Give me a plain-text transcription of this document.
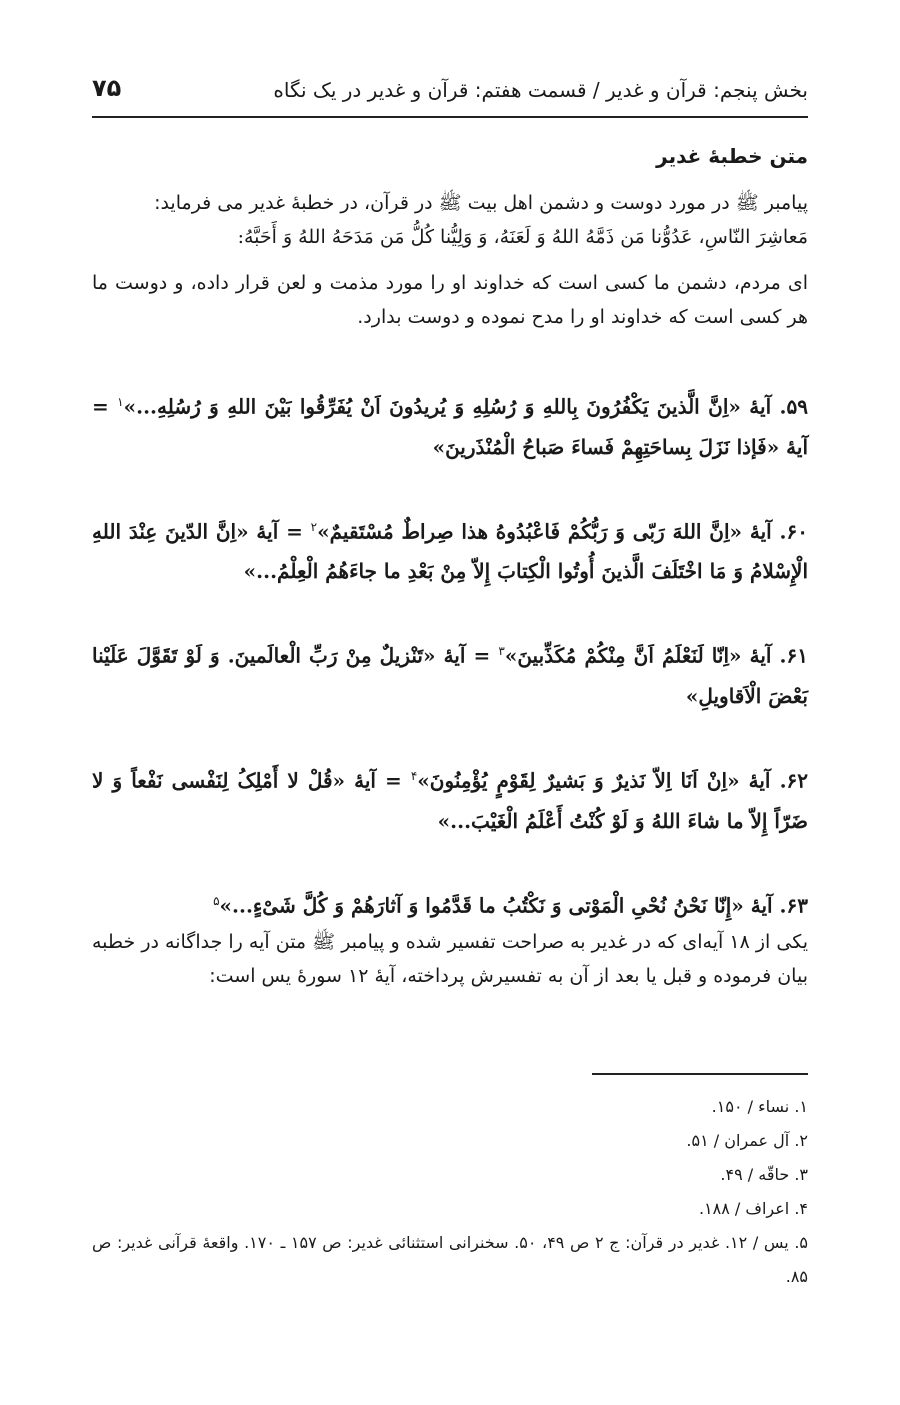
بخش پنجم: قرآن و غدیر / قسمت هفتم: قرآن و غدیر در یک نگاه
۷۵
متن خطبۀ غدیر

پیامبر ﷺ در مورد دوست و دشمن اهل بیت ﷺ در قرآن، در خطبۀ غدیر می فرماید:

مَعاشِرَ النّاسِ، عَدُوُّنا مَن ذَمَّهُ اللهُ وَ لَعَنَهُ، وَ وَلِیُّنا کُلُّ مَن مَدَحَهُ اللهُ وَ أَحَبَّهُ:

ای مردم، دشمن ما کسی است که خداوند او را مورد مذمت و لعن قرار داده، و دوست ما هر کسی است که خداوند او را مدح نموده و دوست بدارد.

۵۹. آیۀ «اِنَّ الَّذینَ یَکْفُرُونَ بِاللهِ وَ رُسُلِهِ وَ یُریدُونَ اَنْ یُفَرِّقُوا بَیْنَ اللهِ وَ رُسُلِهِ...»$^۱$ = آیۀ «فَإذا نَزَلَ بِساحَتِهِمْ فَساءَ صَباحُ الْمُنْذَرینَ»

۶۰. آیۀ «اِنَّ اللهَ رَبّی وَ رَبُّکُمْ فَاعْبُدُوهُ هذا صِراطٌ مُسْتَقیمٌ»$^۲$ = آیۀ «اِنَّ الدّینَ عِنْدَ اللهِ الْإِسْلامُ وَ مَا اخْتَلَفَ الَّذینَ أُوتُوا الْکِتابَ إِلاّ مِنْ بَعْدِ ما جاءَهُمُ الْعِلْمُ...»

۶۱. آیۀ «اِنّا لَنَعْلَمُ اَنَّ مِنْکُمْ مُکَذِّبینَ»$^۳$ = آیۀ «تَنْزیلٌ مِنْ رَبِّ الْعالَمینَ. وَ لَوْ تَقَوَّلَ عَلَیْنا بَعْضَ الْاَقاویلِ»

۶۲. آیۀ «اِنْ اَنَا اِلاّ نَذیرٌ وَ بَشیرٌ لِقَوْمٍ یُؤْمِنُونَ»$^۴$ = آیۀ «قُلْ لا أَمْلِکُ لِنَفْسی نَفْعاً وَ لا ضَرّاً إِلاّ ما شاءَ اللهُ وَ لَوْ کُنْتُ أَعْلَمُ الْغَیْبَ...»

۶۳. آیۀ «إِنّا نَحْنُ نُحْیِ الْمَوْتی وَ نَکْتُبُ ما قَدَّمُوا وَ آثارَهُمْ وَ کُلَّ شَیْءٍ...»$^۵$

یکی از ۱۸ آیه‌ای که در غدیر به صراحت تفسیر شده و پیامبر ﷺ متن آیه را جداگانه در خطبه بیان فرموده و قبل یا بعد از آن به تفسیرش پرداخته، آیۀ ۱۲ سورۀ یس است:

۱. نساء / ۱۵۰.

۲. آل عمران / ۵۱.

۳. حاقّه / ۴۹.

۴. اعراف / ۱۸۸.

۵. یس / ۱۲. غدیر در قرآن: ج ۲ ص ۴۹، ۵۰. سخنرانی استثنائی غدیر: ص ۱۵۷ ـ ۱۷۰. واقعۀ قرآنی غدیر: ص ۸۵.
